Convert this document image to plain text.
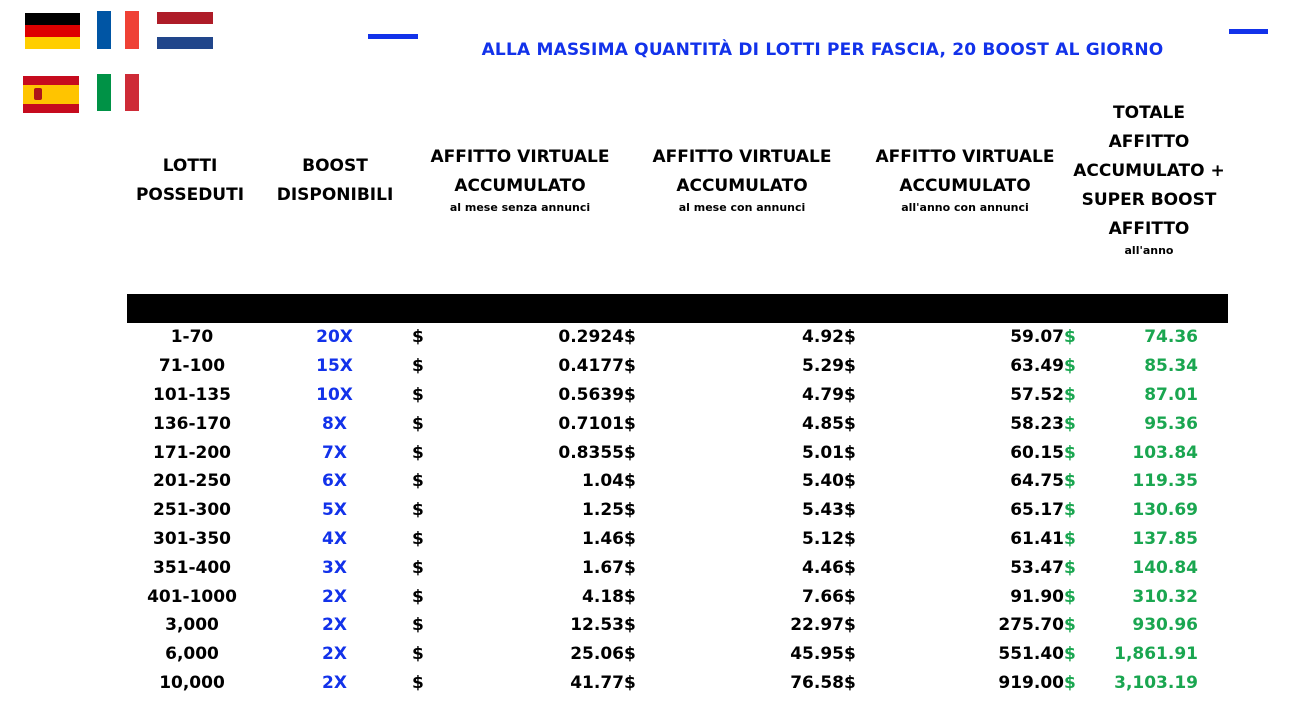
ALLA MASSIMA QUANTITÀ DI LOTTI PER FASCIA, 20 BOOST AL GIORNO
LOTTI POSSEDUTI
BOOST DISPONIBILI
AFFITTO VIRTUALE ACCUMULATO
al mese senza annunci
AFFITTO VIRTUALE ACCUMULATO
al mese con annunci
AFFITTO VIRTUALE ACCUMULATO
all'anno con annunci
TOTALE AFFITTO ACCUMULATO + SUPER BOOST AFFITTO
all'anno
1-70	20X	$	0.2924	$	4.92	$	59.07	$	74.36
71-100	15X	$	0.4177	$	5.29	$	63.49	$	85.34
101-135	10X	$	0.5639	$	4.79	$	57.52	$	87.01
136-170	8X	$	0.7101	$	4.85	$	58.23	$	95.36
171-200	7X	$	0.8355	$	5.01	$	60.15	$	103.84
201-250	6X	$	1.04	$	5.40	$	64.75	$	119.35
251-300	5X	$	1.25	$	5.43	$	65.17	$	130.69
301-350	4X	$	1.46	$	5.12	$	61.41	$	137.85
351-400	3X	$	1.67	$	4.46	$	53.47	$	140.84
401-1000	2X	$	4.18	$	7.66	$	91.90	$	310.32
3,000	2X	$	12.53	$	22.97	$	275.70	$	930.96
6,000	2X	$	25.06	$	45.95	$	551.40	$	1,861.91
10,000	2X	$	41.77	$	76.58	$	919.00	$	3,103.19
